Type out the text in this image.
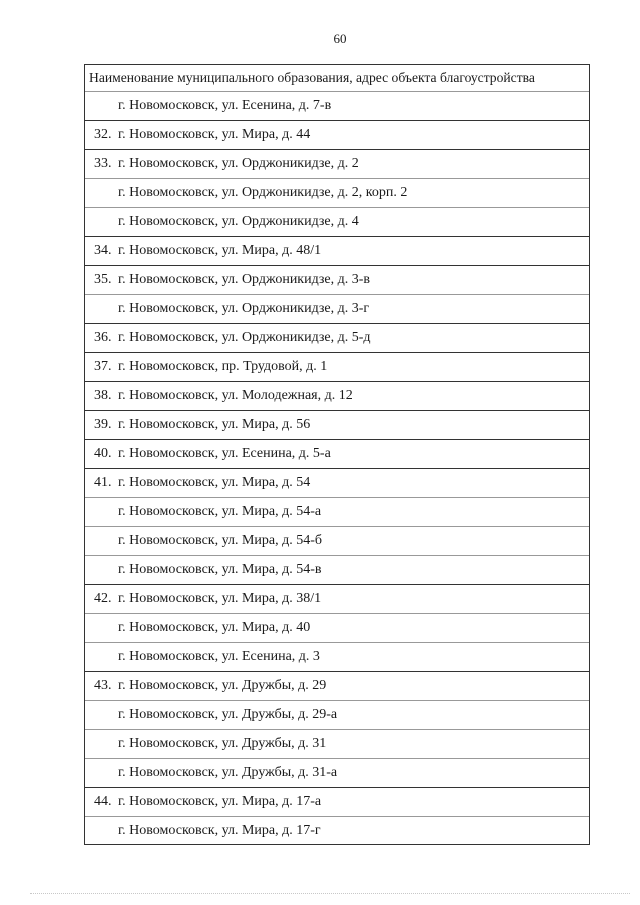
60
Наименование муниципального образования, адрес объекта благоустройства	
	г. Новомосковск, ул. Есенина, д. 7-в
32.	г. Новомосковск, ул. Мира, д. 44
33.	г. Новомосковск, ул. Орджоникидзе, д. 2
	г. Новомосковск, ул. Орджоникидзе, д. 2, корп. 2
	г. Новомосковск, ул. Орджоникидзе, д. 4
34.	г. Новомосковск, ул. Мира, д. 48/1
35.	г. Новомосковск, ул. Орджоникидзе, д. 3-в
	г. Новомосковск, ул. Орджоникидзе, д. 3-г
36.	г. Новомосковск, ул. Орджоникидзе, д. 5-д
37.	г. Новомосковск, пр. Трудовой, д. 1
38.	г. Новомосковск, ул. Молодежная, д. 12
39.	г. Новомосковск, ул. Мира, д. 56
40.	г. Новомосковск, ул. Есенина, д. 5-а
41.	г. Новомосковск, ул. Мира, д. 54
	г. Новомосковск, ул. Мира, д. 54-а
	г. Новомосковск, ул. Мира, д. 54-б
	г. Новомосковск, ул. Мира, д. 54-в
42.	г. Новомосковск, ул. Мира, д. 38/1
	г. Новомосковск, ул. Мира, д. 40
	г. Новомосковск, ул. Есенина, д. 3
43.	г. Новомосковск, ул. Дружбы, д. 29
	г. Новомосковск, ул. Дружбы, д. 29-а
	г. Новомосковск, ул. Дружбы, д. 31
	г. Новомосковск, ул. Дружбы, д. 31-а
44.	г. Новомосковск, ул. Мира, д. 17-а
	г. Новомосковск, ул. Мира, д. 17-г
